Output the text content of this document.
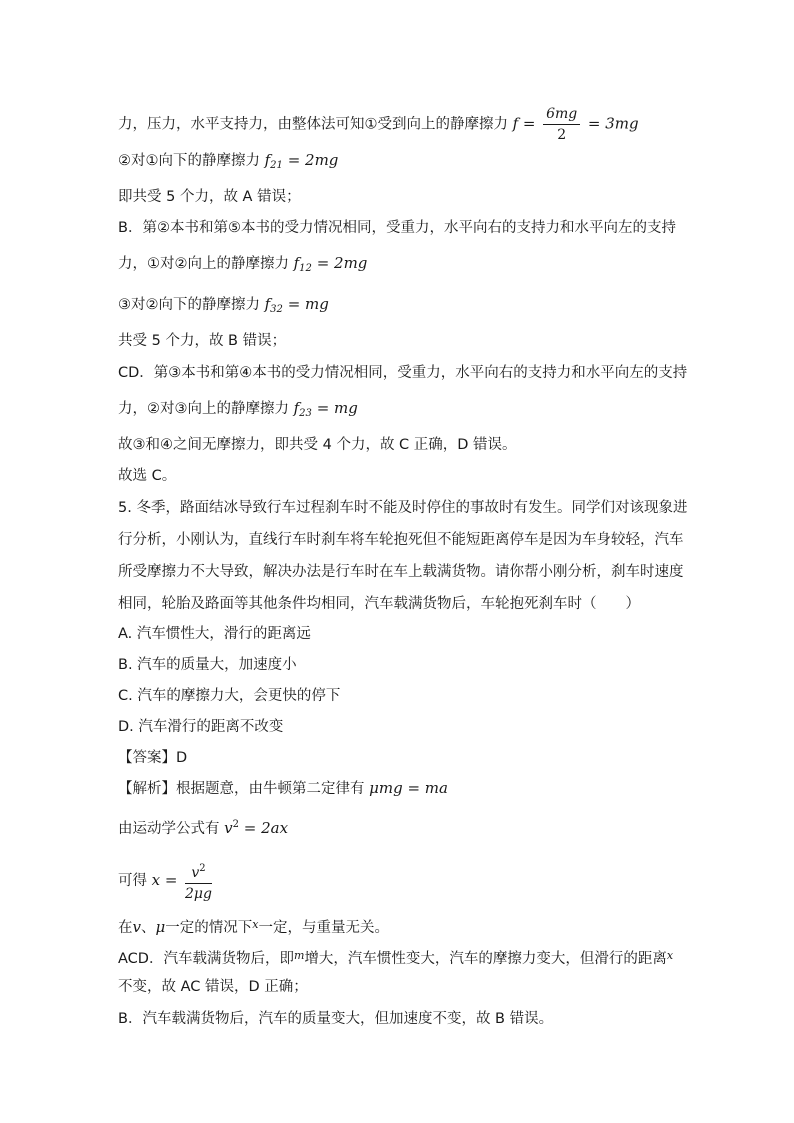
力，压力，水平支持力，由整体法可知①受到向上的静摩擦力 $f = \frac{6mg}{2} = 3mg$
②对①向下的静摩擦力 $f_{21} = 2mg$
即共受 5 个力，故 A 错误；
B．第②本书和第⑤本书的受力情况相同，受重力，水平向右的支持力和水平向左的支持
力，①对②向上的静摩擦力 $f_{12} = 2mg$
③对②向下的静摩擦力 $f_{32}$ = mg
共受 5 个力，故 B 错误；
CD．第③本书和第④本书的受力情况相同，受重力，水平向右的支持力和水平向左的支持
力，②对③向上的静摩擦力 $f_{23}$ = mg
故③和④之间无摩擦力，即共受 4 个力，故 C 正确，D 错误。
故选 C。
5. 冬季，路面结冰导致行车过程刹车时不能及时停住的事故时有发生。同学们对该现象进
行分析，小刚认为，直线行车时刹车将车轮抱死但不能短距离停车是因为车身较轻，汽车
所受摩擦力不大导致，解决办法是行车时在车上载满货物。请你帮小刚分析，刹车时速度
相同，轮胎及路面等其他条件均相同，汽车载满货物后，车轮抱死刹车时（　　）
A. 汽车惯性大，滑行的距离远
B. 汽车的质量大，加速度小
C. 汽车的摩擦力大，会更快的停下
D. 汽车滑行的距离不改变
【答案】D
【解析】根据题意，由牛顿第二定律有 μmg = ma
由运动学公式有 $v^2 = 2ax$
可得 $x = \frac{v^2}{2\mu g}$
在v、μ一定的情况下$^x$一定，与重量无关。
ACD．汽车载满货物后，即$^m$增大，汽车惯性变大，汽车的摩擦力变大，但滑行的距离$^x$
不变，故 AC 错误，D 正确；
B．汽车载满货物后，汽车的质量变大，但加速度不变，故 B 错误。
